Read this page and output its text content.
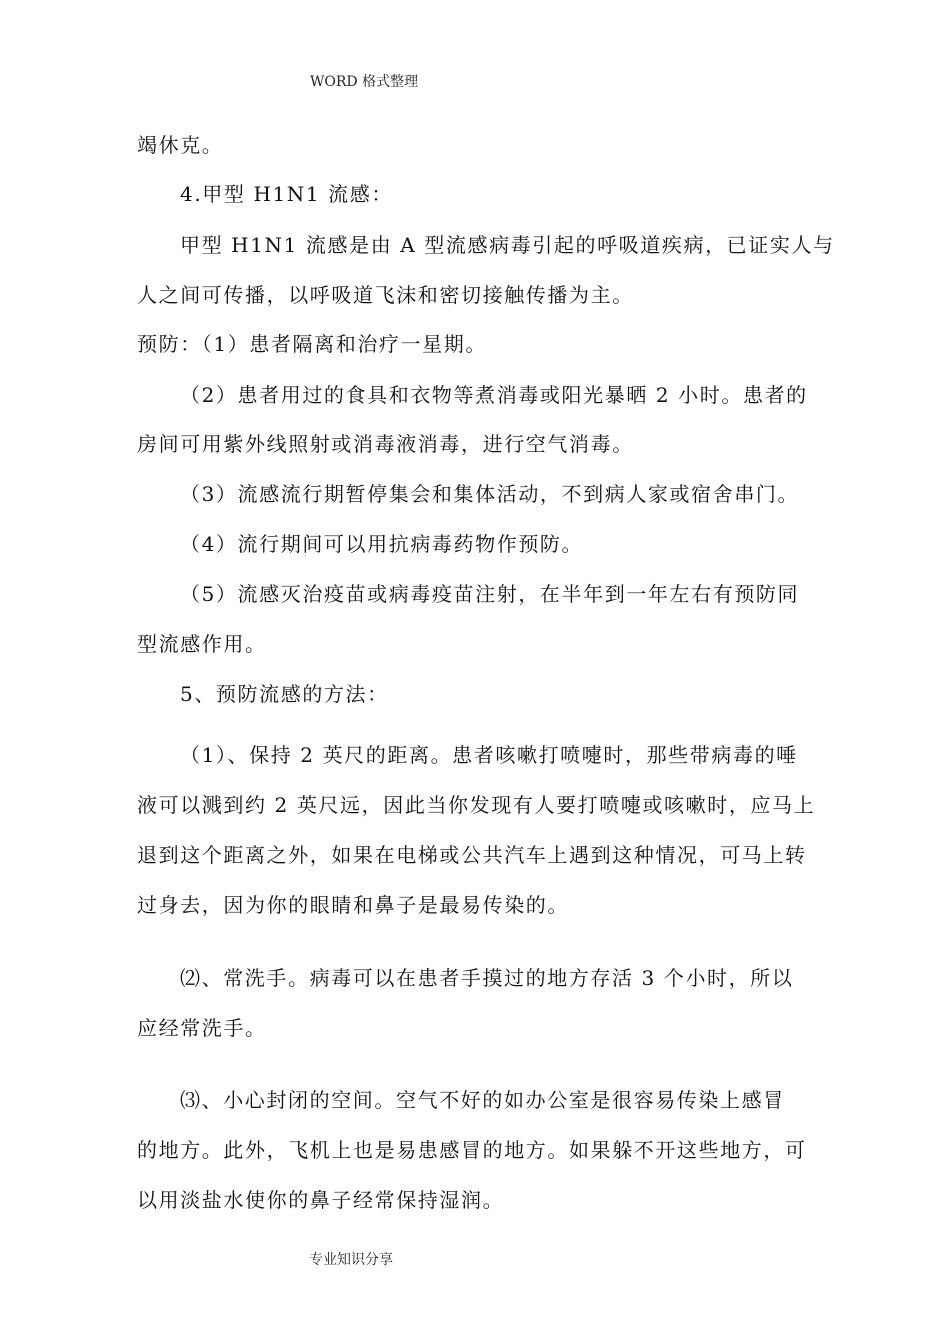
WORD 格式整理
竭休克。
4.甲型 H1N1 流感：
甲型 H1N1 流感是由 A 型流感病毒引起的呼吸道疾病，已证实人与
人之间可传播，以呼吸道飞沫和密切接触传播为主。
预防：（1）患者隔离和治疗一星期。
（2）患者用过的食具和衣物等煮消毒或阳光暴晒 2 小时。患者的
房间可用紫外线照射或消毒液消毒，进行空气消毒。
（3）流感流行期暂停集会和集体活动，不到病人家或宿舍串门。
（4）流行期间可以用抗病毒药物作预防。
（5）流感灭治疫苗或病毒疫苗注射，在半年到一年左右有预防同
型流感作用。
5、预防流感的方法：
（1）、保持 2 英尺的距离。患者咳嗽打喷嚏时，那些带病毒的唾
液可以溅到约 2 英尺远，因此当你发现有人要打喷嚏或咳嗽时，应马上
退到这个距离之外，如果在电梯或公共汽车上遇到这种情况，可马上转
过身去，因为你的眼睛和鼻子是最易传染的。
⑵、常洗手。病毒可以在患者手摸过的地方存活 3 个小时，所以
应经常洗手。
⑶、小心封闭的空间。空气不好的如办公室是很容易传染上感冒
的地方。此外，飞机上也是易患感冒的地方。如果躲不开这些地方，可
以用淡盐水使你的鼻子经常保持湿润。
专业知识分享
